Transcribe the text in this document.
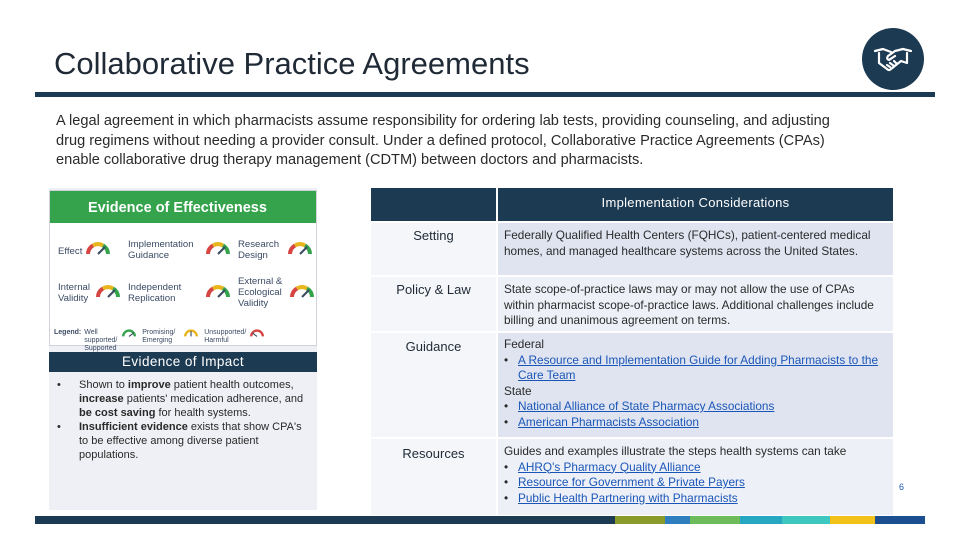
Collaborative Practice Agreements
A legal agreement in which pharmacists assume responsibility for ordering lab tests, providing counseling, and adjusting drug regimens without needing a provider consult. Under a defined protocol, Collaborative Practice Agreements (CPAs) enable collaborative drug therapy management (CDTM) between doctors and pharmacists.
Evidence of Effectiveness
Effect
Implementation Guidance
Research Design
Internal Validity
Independent Replication
External & Ecological Validity
Legend: Well supported/ Supported
Promising/ Emerging
Unsupported/ Harmful
Evidence of Impact
•	Shown to improve patient health outcomes, increase patients' medication adherence, and be cost saving for health systems.
•	Insufficient evidence exists that show CPA's to be effective among diverse patient populations.
Implementation Considerations
Setting	Federally Qualified Health Centers (FQHCs), patient-centered medical homes, and managed healthcare systems across the United States.
Policy & Law	State scope-of-practice laws may or may not allow the use of CPAs within pharmacist scope-of-practice laws. Additional challenges include billing and unanimous agreement on terms.
Guidance	Federal
• A Resource and Implementation Guide for Adding Pharmacists to the Care Team
State
• National Alliance of State Pharmacy Associations
• American Pharmacists Association
Resources	Guides and examples illustrate the steps health systems can take
• AHRQ's Pharmacy Quality Alliance
• Resource for Government & Private Payers
• Public Health Partnering with Pharmacists
6
